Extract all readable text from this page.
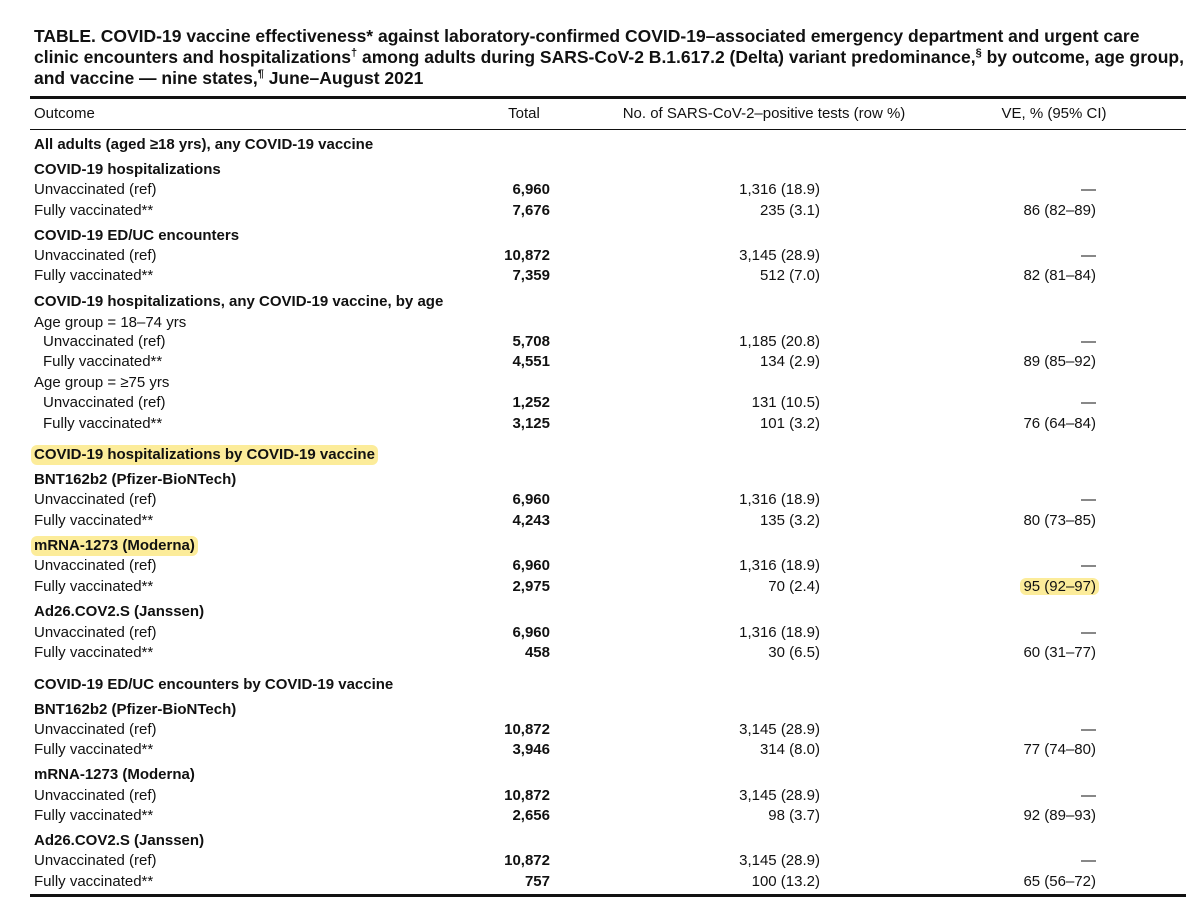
TABLE. COVID-19 vaccine effectiveness* against laboratory-confirmed COVID-19–associated emergency department and urgent care clinic encounters and hospitalizations† among adults during SARS-CoV-2 B.1.617.2 (Delta) variant predominance,§ by outcome, age group, and vaccine — nine states,¶ June–August 2021
Outcome	Total	No. of SARS-CoV-2–positive tests (row %)	VE, % (95% CI)
All adults (aged ≥18 yrs), any COVID-19 vaccine
COVID-19 hospitalizations
Unvaccinated (ref)	6,960	1,316 (18.9)	—
Fully vaccinated**	7,676	235 (3.1)	86 (82–89)
COVID-19 ED/UC encounters
Unvaccinated (ref)	10,872	3,145 (28.9)	—
Fully vaccinated**	7,359	512 (7.0)	82 (81–84)
COVID-19 hospitalizations, any COVID-19 vaccine, by age
Age group = 18–74 yrs
Unvaccinated (ref)	5,708	1,185 (20.8)	—
Fully vaccinated**	4,551	134 (2.9)	89 (85–92)
Age group = ≥75 yrs
Unvaccinated (ref)	1,252	131 (10.5)	—
Fully vaccinated**	3,125	101 (3.2)	76 (64–84)
COVID-19 hospitalizations by COVID-19 vaccine
BNT162b2 (Pfizer-BioNTech)
Unvaccinated (ref)	6,960	1,316 (18.9)	—
Fully vaccinated**	4,243	135 (3.2)	80 (73–85)
mRNA-1273 (Moderna)
Unvaccinated (ref)	6,960	1,316 (18.9)	—
Fully vaccinated**	2,975	70 (2.4)	95 (92–97)
Ad26.COV2.S (Janssen)
Unvaccinated (ref)	6,960	1,316 (18.9)	—
Fully vaccinated**	458	30 (6.5)	60 (31–77)
COVID-19 ED/UC encounters by COVID-19 vaccine
BNT162b2 (Pfizer-BioNTech)
Unvaccinated (ref)	10,872	3,145 (28.9)	—
Fully vaccinated**	3,946	314 (8.0)	77 (74–80)
mRNA-1273 (Moderna)
Unvaccinated (ref)	10,872	3,145 (28.9)	—
Fully vaccinated**	2,656	98 (3.7)	92 (89–93)
Ad26.COV2.S (Janssen)
Unvaccinated (ref)	10,872	3,145 (28.9)	—
Fully vaccinated**	757	100 (13.2)	65 (56–72)
